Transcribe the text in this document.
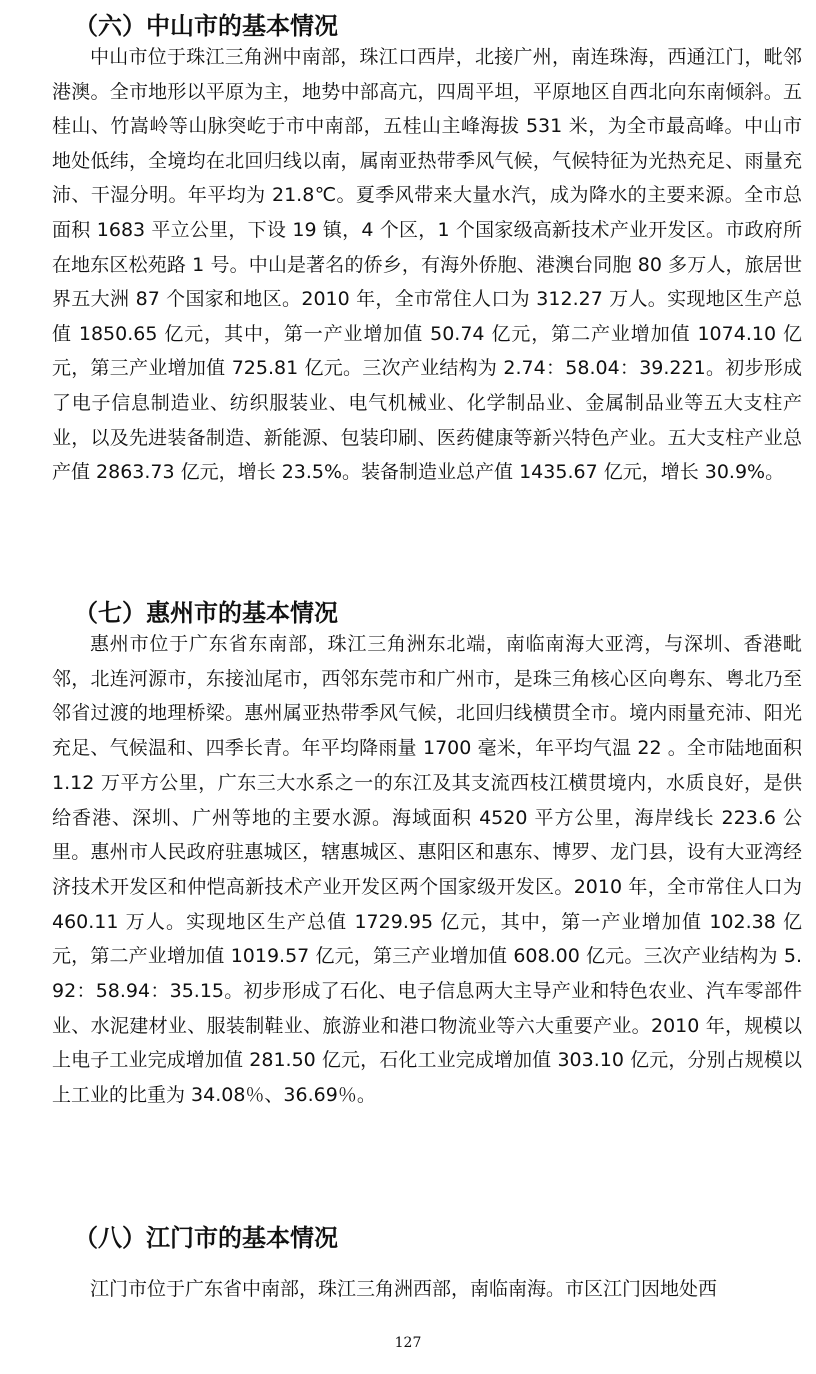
（六）中山市的基本情况

中山市位于珠江三角洲中南部，珠江口西岸，北接广州，南连珠海，西通江门，毗邻港澳。全市地形以平原为主，地势中部高亢，四周平坦，平原地区自西北向东南倾斜。五桂山、竹嵩岭等山脉突屹于市中南部，五桂山主峰海拔 531 米，为全市最高峰。中山市地处低纬，全境均在北回归线以南，属南亚热带季风气候，气候特征为光热充足、雨量充沛、干湿分明。年平均为 21.8℃。夏季风带来大量水汽，成为降水的主要来源。全市总面积 1683 平立公里，下设 19 镇，4 个区，1 个国家级高新技术产业开发区。市政府所在地东区松苑路 1 号。中山是著名的侨乡，有海外侨胞、港澳台同胞 80 多万人，旅居世界五大洲 87 个国家和地区。2010 年，全市常住人口为 312.27 万人。实现地区生产总值 1850.65 亿元，其中，第一产业增加值 50.74 亿元，第二产业增加值 1074.10 亿元，第三产业增加值 725.81 亿元。三次产业结构为 2.74：58.04：39.221。初步形成了电子信息制造业、纺织服装业、电气机械业、化学制品业、金属制品业等五大支柱产业，以及先进装备制造、新能源、包装印刷、医药健康等新兴特色产业。五大支柱产业总产值 2863.73 亿元，增长 23.5%。装备制造业总产值 1435.67 亿元，增长 30.9%。

（七）惠州市的基本情况

惠州市位于广东省东南部，珠江三角洲东北端，南临南海大亚湾，与深圳、香港毗邻，北连河源市，东接汕尾市，西邻东莞市和广州市，是珠三角核心区向粤东、粤北乃至邻省过渡的地理桥梁。惠州属亚热带季风气候，北回归线横贯全市。境内雨量充沛、阳光充足、气候温和、四季长青。年平均降雨量 1700 毫米，年平均气温 22 。全市陆地面积 1.12 万平方公里，广东三大水系之一的东江及其支流西枝江横贯境内，水质良好，是供给香港、深圳、广州等地的主要水源。海域面积 4520 平方公里，海岸线长 223.6 公里。惠州市人民政府驻惠城区，辖惠城区、惠阳区和惠东、博罗、龙门县，设有大亚湾经济技术开发区和仲恺高新技术产业开发区两个国家级开发区。2010 年，全市常住人口为 460.11 万人。实现地区生产总值 1729.95 亿元，其中，第一产业增加值 102.38 亿元，第二产业增加值 1019.57 亿元，第三产业增加值 608.00 亿元。三次产业结构为 5.92：58.94：35.15。初步形成了石化、电子信息两大主导产业和特色农业、汽车零部件业、水泥建材业、服装制鞋业、旅游业和港口物流业等六大重要产业。2010 年，规模以上电子工业完成增加值 281.50 亿元，石化工业完成增加值 303.10 亿元，分别占规模以上工业的比重为 34.08％、36.69％。

（八）江门市的基本情况

江门市位于广东省中南部，珠江三角洲西部，南临南海。市区江门因地处西

127
